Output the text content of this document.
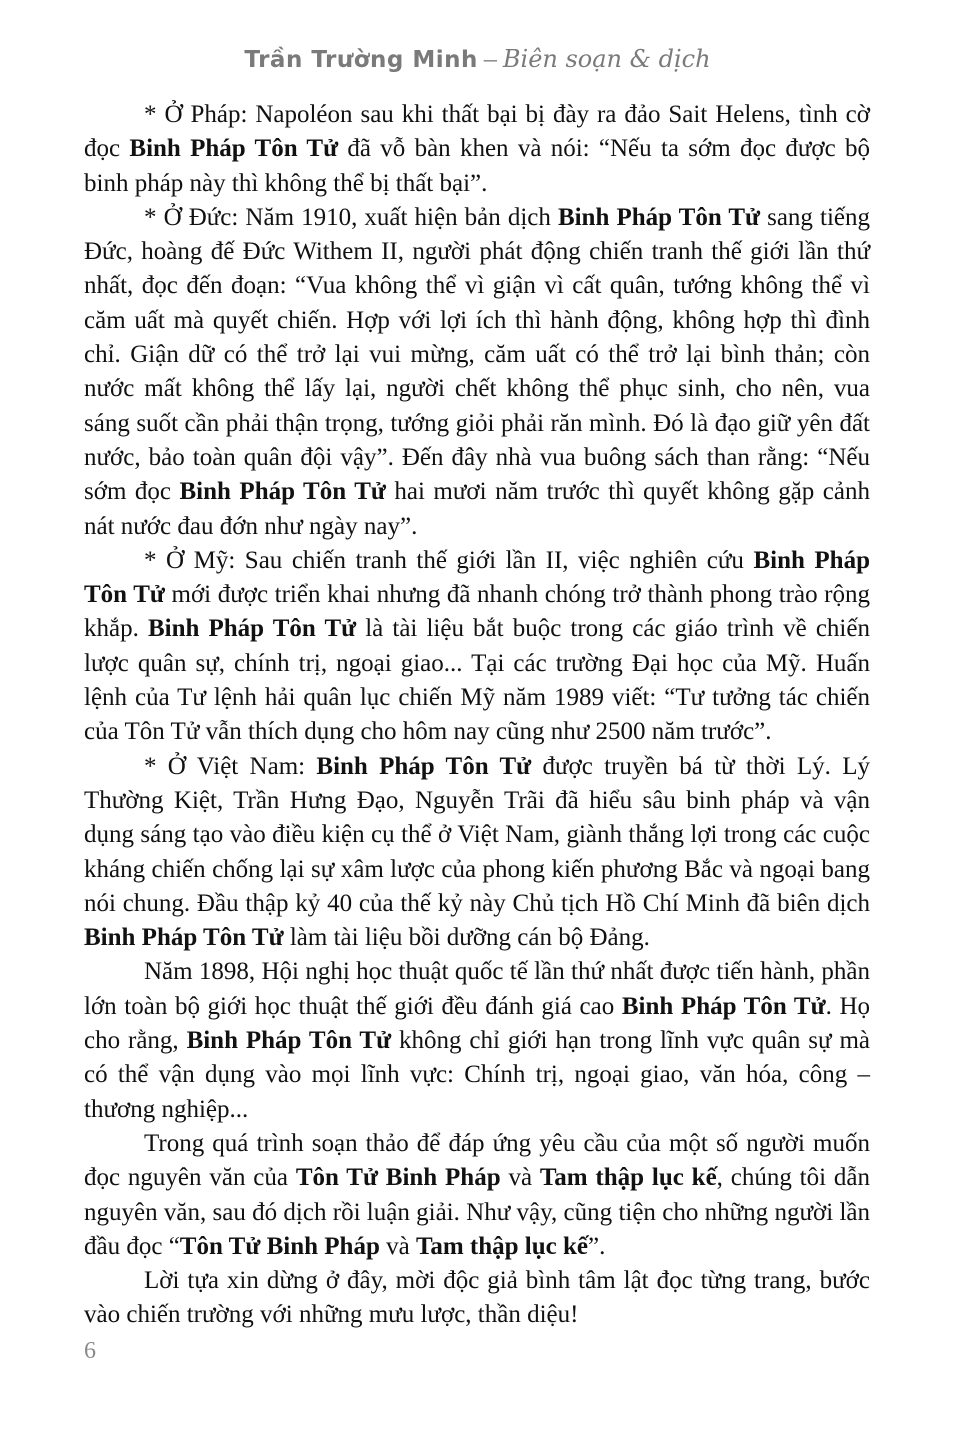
Trần Trường Minh – Biên soạn & dịch

* Ở Pháp: Napoléon sau khi thất bại bị đày ra đảo Sait Helens, tình cờ đọc Binh Pháp Tôn Tử đã vỗ bàn khen và nói: “Nếu ta sớm đọc được bộ binh pháp này thì không thể bị thất bại”.

* Ở Đức: Năm 1910, xuất hiện bản dịch Binh Pháp Tôn Tử sang tiếng Đức, hoàng đế Đức Withem II, người phát động chiến tranh thế giới lần thứ nhất, đọc đến đoạn: “Vua không thể vì giận vì cất quân, tướng không thể vì căm uất mà quyết chiến. Hợp với lợi ích thì hành động, không hợp thì đình chỉ. Giận dữ có thể trở lại vui mừng, căm uất có thể trở lại bình thản; còn nước mất không thể lấy lại, người chết không thể phục sinh, cho nên, vua sáng suốt cần phải thận trọng, tướng giỏi phải răn mình. Đó là đạo giữ yên đất nước, bảo toàn quân đội vậy”. Đến đây nhà vua buông sách than rằng: “Nếu sớm đọc Binh Pháp Tôn Tử hai mươi năm trước thì quyết không gặp cảnh nát nước đau đớn như ngày nay”.

* Ở Mỹ: Sau chiến tranh thế giới lần II, việc nghiên cứu Binh Pháp Tôn Tử mới được triển khai nhưng đã nhanh chóng trở thành phong trào rộng khắp. Binh Pháp Tôn Tử là tài liệu bắt buộc trong các giáo trình về chiến lược quân sự, chính trị, ngoại giao... Tại các trường Đại học của Mỹ. Huấn lệnh của Tư lệnh hải quân lục chiến Mỹ năm 1989 viết: “Tư tưởng tác chiến của Tôn Tử vẫn thích dụng cho hôm nay cũng như 2500 năm trước”.

* Ở Việt Nam: Binh Pháp Tôn Tử được truyền bá từ thời Lý. Lý Thường Kiệt, Trần Hưng Đạo, Nguyễn Trãi đã hiểu sâu binh pháp và vận dụng sáng tạo vào điều kiện cụ thể ở Việt Nam, giành thắng lợi trong các cuộc kháng chiến chống lại sự xâm lược của phong kiến phương Bắc và ngoại bang nói chung. Đầu thập kỷ 40 của thế kỷ này Chủ tịch Hồ Chí Minh đã biên dịch Binh Pháp Tôn Tử làm tài liệu bồi dưỡng cán bộ Đảng.

Năm 1898, Hội nghị học thuật quốc tế lần thứ nhất được tiến hành, phần lớn toàn bộ giới học thuật thế giới đều đánh giá cao Binh Pháp Tôn Tử. Họ cho rằng, Binh Pháp Tôn Tử không chỉ giới hạn trong lĩnh vực quân sự mà có thể vận dụng vào mọi lĩnh vực: Chính trị, ngoại giao, văn hóa, công – thương nghiệp...

Trong quá trình soạn thảo để đáp ứng yêu cầu của một số người muốn đọc nguyên văn của Tôn Tử Binh Pháp và Tam thập lục kế, chúng tôi dẫn nguyên văn, sau đó dịch rồi luận giải. Như vậy, cũng tiện cho những người lần đầu đọc “Tôn Tử Binh Pháp và Tam thập lục kế”.

Lời tựa xin dừng ở đây, mời độc giả bình tâm lật đọc từng trang, bước vào chiến trường với những mưu lược, thần diệu!

6
